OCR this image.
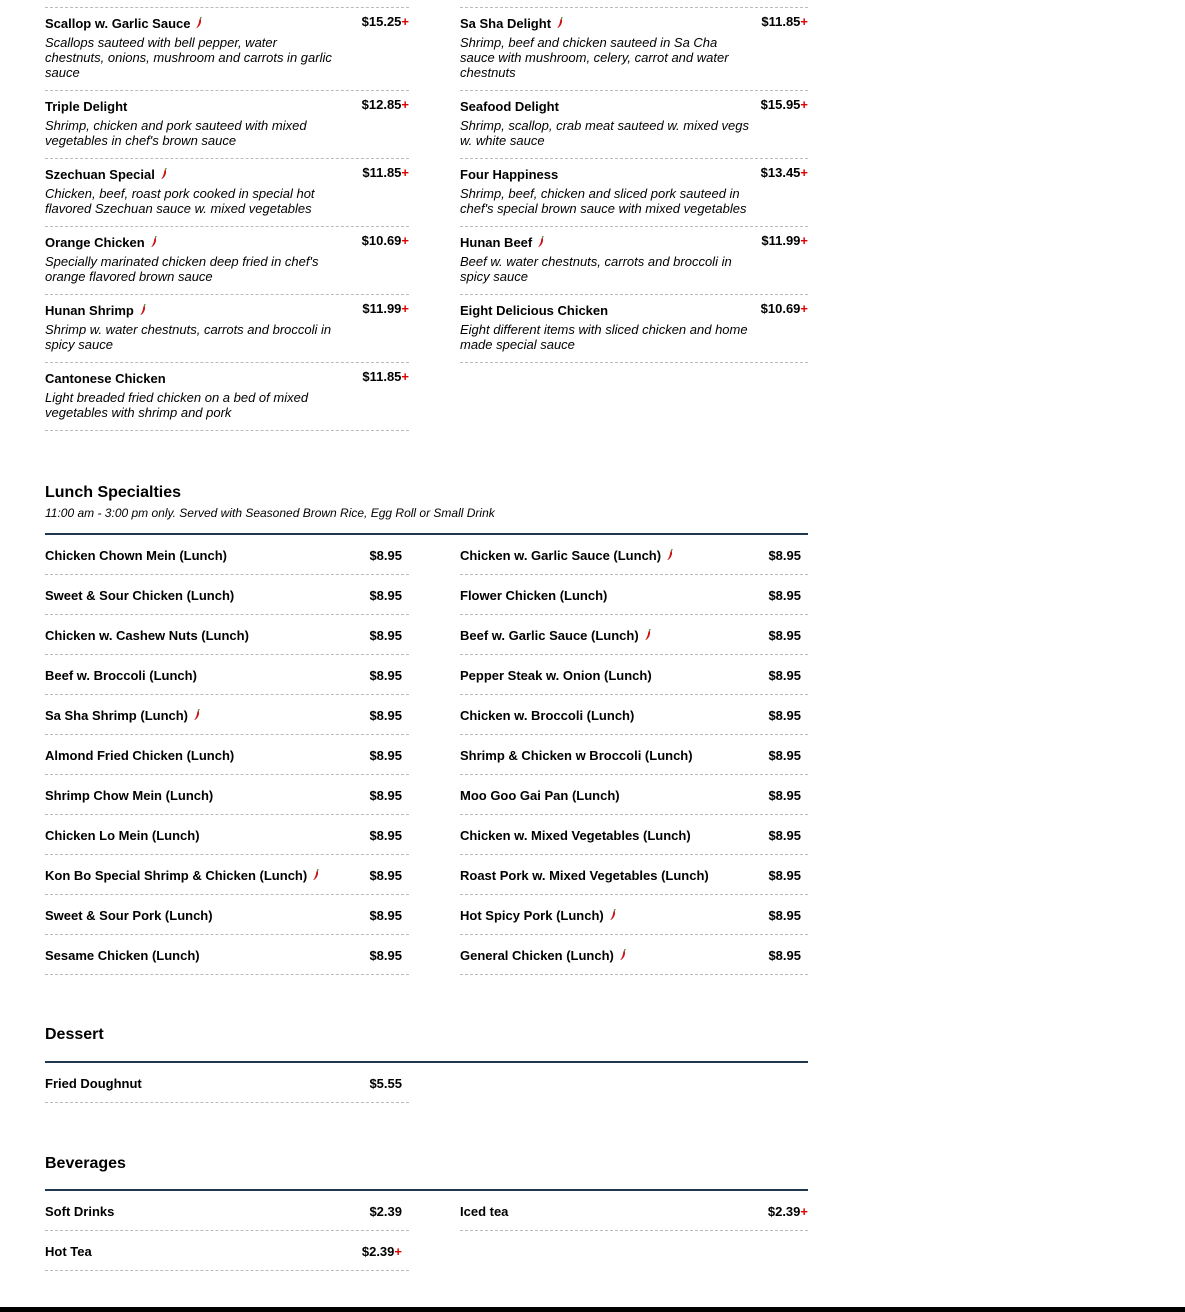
Scallop w. Garlic Sauce
Scallops sauteed with bell pepper, water chestnuts, onions, mushroom and carrots in garlic sauce
$15.25+
Triple Delight
Shrimp, chicken and pork sauteed with mixed vegetables in chef's brown sauce
$12.85+
Szechuan Special
Chicken, beef, roast pork cooked in special hot flavored Szechuan sauce w. mixed vegetables
$11.85+
Orange Chicken
Specially marinated chicken deep fried in chef's orange flavored brown sauce
$10.69+
Hunan Shrimp
Shrimp w. water chestnuts, carrots and broccoli in spicy sauce
$11.99+
Cantonese Chicken
Light breaded fried chicken on a bed of mixed vegetables with shrimp and pork
$11.85+
Sa Sha Delight
Shrimp, beef and chicken sauteed in Sa Cha sauce with mushroom, celery, carrot and water chestnuts
$11.85+
Seafood Delight
Shrimp, scallop, crab meat sauteed w. mixed vegs w. white sauce
$15.95+
Four Happiness
Shrimp, beef, chicken and sliced pork sauteed in chef's special brown sauce with mixed vegetables
$13.45+
Hunan Beef
Beef w. water chestnuts, carrots and broccoli in spicy sauce
$11.99+
Eight Delicious Chicken
Eight different items with sliced chicken and home made special sauce
$10.69+
Lunch Specialties
11:00 am - 3:00 pm only. Served with Seasoned Brown Rice, Egg Roll or Small Drink
Chicken Chown Mein (Lunch)	$8.95
Sweet & Sour Chicken (Lunch)	$8.95
Chicken w. Cashew Nuts (Lunch)	$8.95
Beef w. Broccoli (Lunch)	$8.95
Sa Sha Shrimp (Lunch)	$8.95
Almond Fried Chicken (Lunch)	$8.95
Shrimp Chow Mein (Lunch)	$8.95
Chicken Lo Mein (Lunch)	$8.95
Kon Bo Special Shrimp & Chicken (Lunch)	$8.95
Sweet & Sour Pork (Lunch)	$8.95
Sesame Chicken (Lunch)	$8.95
Chicken w. Garlic Sauce (Lunch)	$8.95
Flower Chicken (Lunch)	$8.95
Beef w. Garlic Sauce (Lunch)	$8.95
Pepper Steak w. Onion (Lunch)	$8.95
Chicken w. Broccoli (Lunch)	$8.95
Shrimp & Chicken w Broccoli (Lunch)	$8.95
Moo Goo Gai Pan (Lunch)	$8.95
Chicken w. Mixed Vegetables (Lunch)	$8.95
Roast Pork w. Mixed Vegetables (Lunch)	$8.95
Hot Spicy Pork (Lunch)	$8.95
General Chicken (Lunch)	$8.95
Dessert
Fried Doughnut	$5.55
Beverages
Soft Drinks	$2.39
Hot Tea	$2.39+
Iced tea	$2.39+
